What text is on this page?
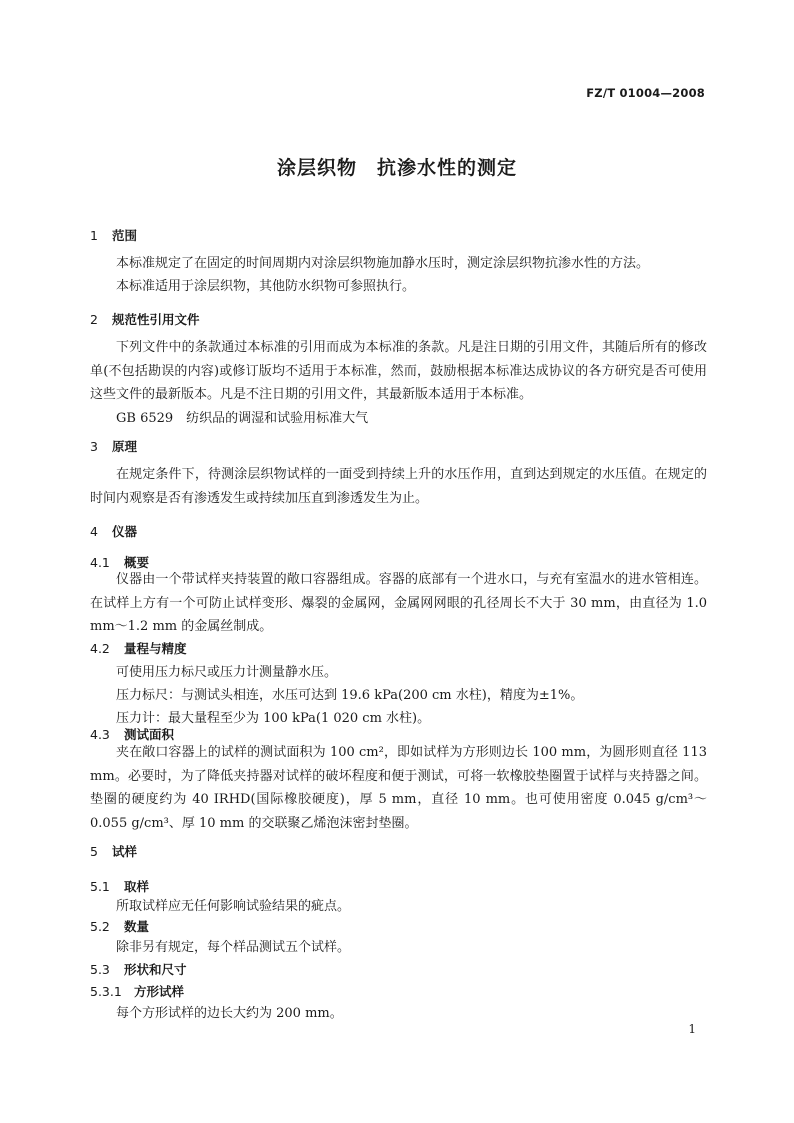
FZ/T 01004—2008
涂层织物　抗渗水性的测定
1 范围
本标准规定了在固定的时间周期内对涂层织物施加静水压时，测定涂层织物抗渗水性的方法。
本标准适用于涂层织物，其他防水织物可参照执行。
2 规范性引用文件
下列文件中的条款通过本标准的引用而成为本标准的条款。凡是注日期的引用文件，其随后所有的修改单(不包括勘误的内容)或修订版均不适用于本标准，然而，鼓励根据本标准达成协议的各方研究是否可使用这些文件的最新版本。凡是不注日期的引用文件，其最新版本适用于本标准。
GB 6529　纺织品的调湿和试验用标准大气
3 原理
在规定条件下，待测涂层织物试样的一面受到持续上升的水压作用，直到达到规定的水压值。在规定的时间内观察是否有渗透发生或持续加压直到渗透发生为止。
4 仪器
4.1 概要
仪器由一个带试样夹持装置的敞口容器组成。容器的底部有一个进水口，与充有室温水的进水管相连。在试样上方有一个可防止试样变形、爆裂的金属网，金属网网眼的孔径周长不大于 30 mm，由直径为 1.0 mm～1.2 mm 的金属丝制成。
4.2 量程与精度
可使用压力标尺或压力计测量静水压。
压力标尺：与测试头相连，水压可达到 19.6 kPa(200 cm 水柱)，精度为±1%。
压力计：最大量程至少为 100 kPa(1 020 cm 水柱)。
4.3 测试面积
夹在敞口容器上的试样的测试面积为 100 cm²，即如试样为方形则边长 100 mm，为圆形则直径 113 mm。必要时，为了降低夹持器对试样的破坏程度和便于测试，可将一软橡胶垫圈置于试样与夹持器之间。垫圈的硬度约为 40 IRHD(国际橡胶硬度)，厚 5 mm，直径 10 mm。也可使用密度 0.045 g/cm³～0.055 g/cm³、厚 10 mm 的交联聚乙烯泡沫密封垫圈。
5 试样
5.1 取样
所取试样应无任何影响试验结果的疵点。
5.2 数量
除非另有规定，每个样品测试五个试样。
5.3 形状和尺寸
5.3.1 方形试样
每个方形试样的边长大约为 200 mm。
1
